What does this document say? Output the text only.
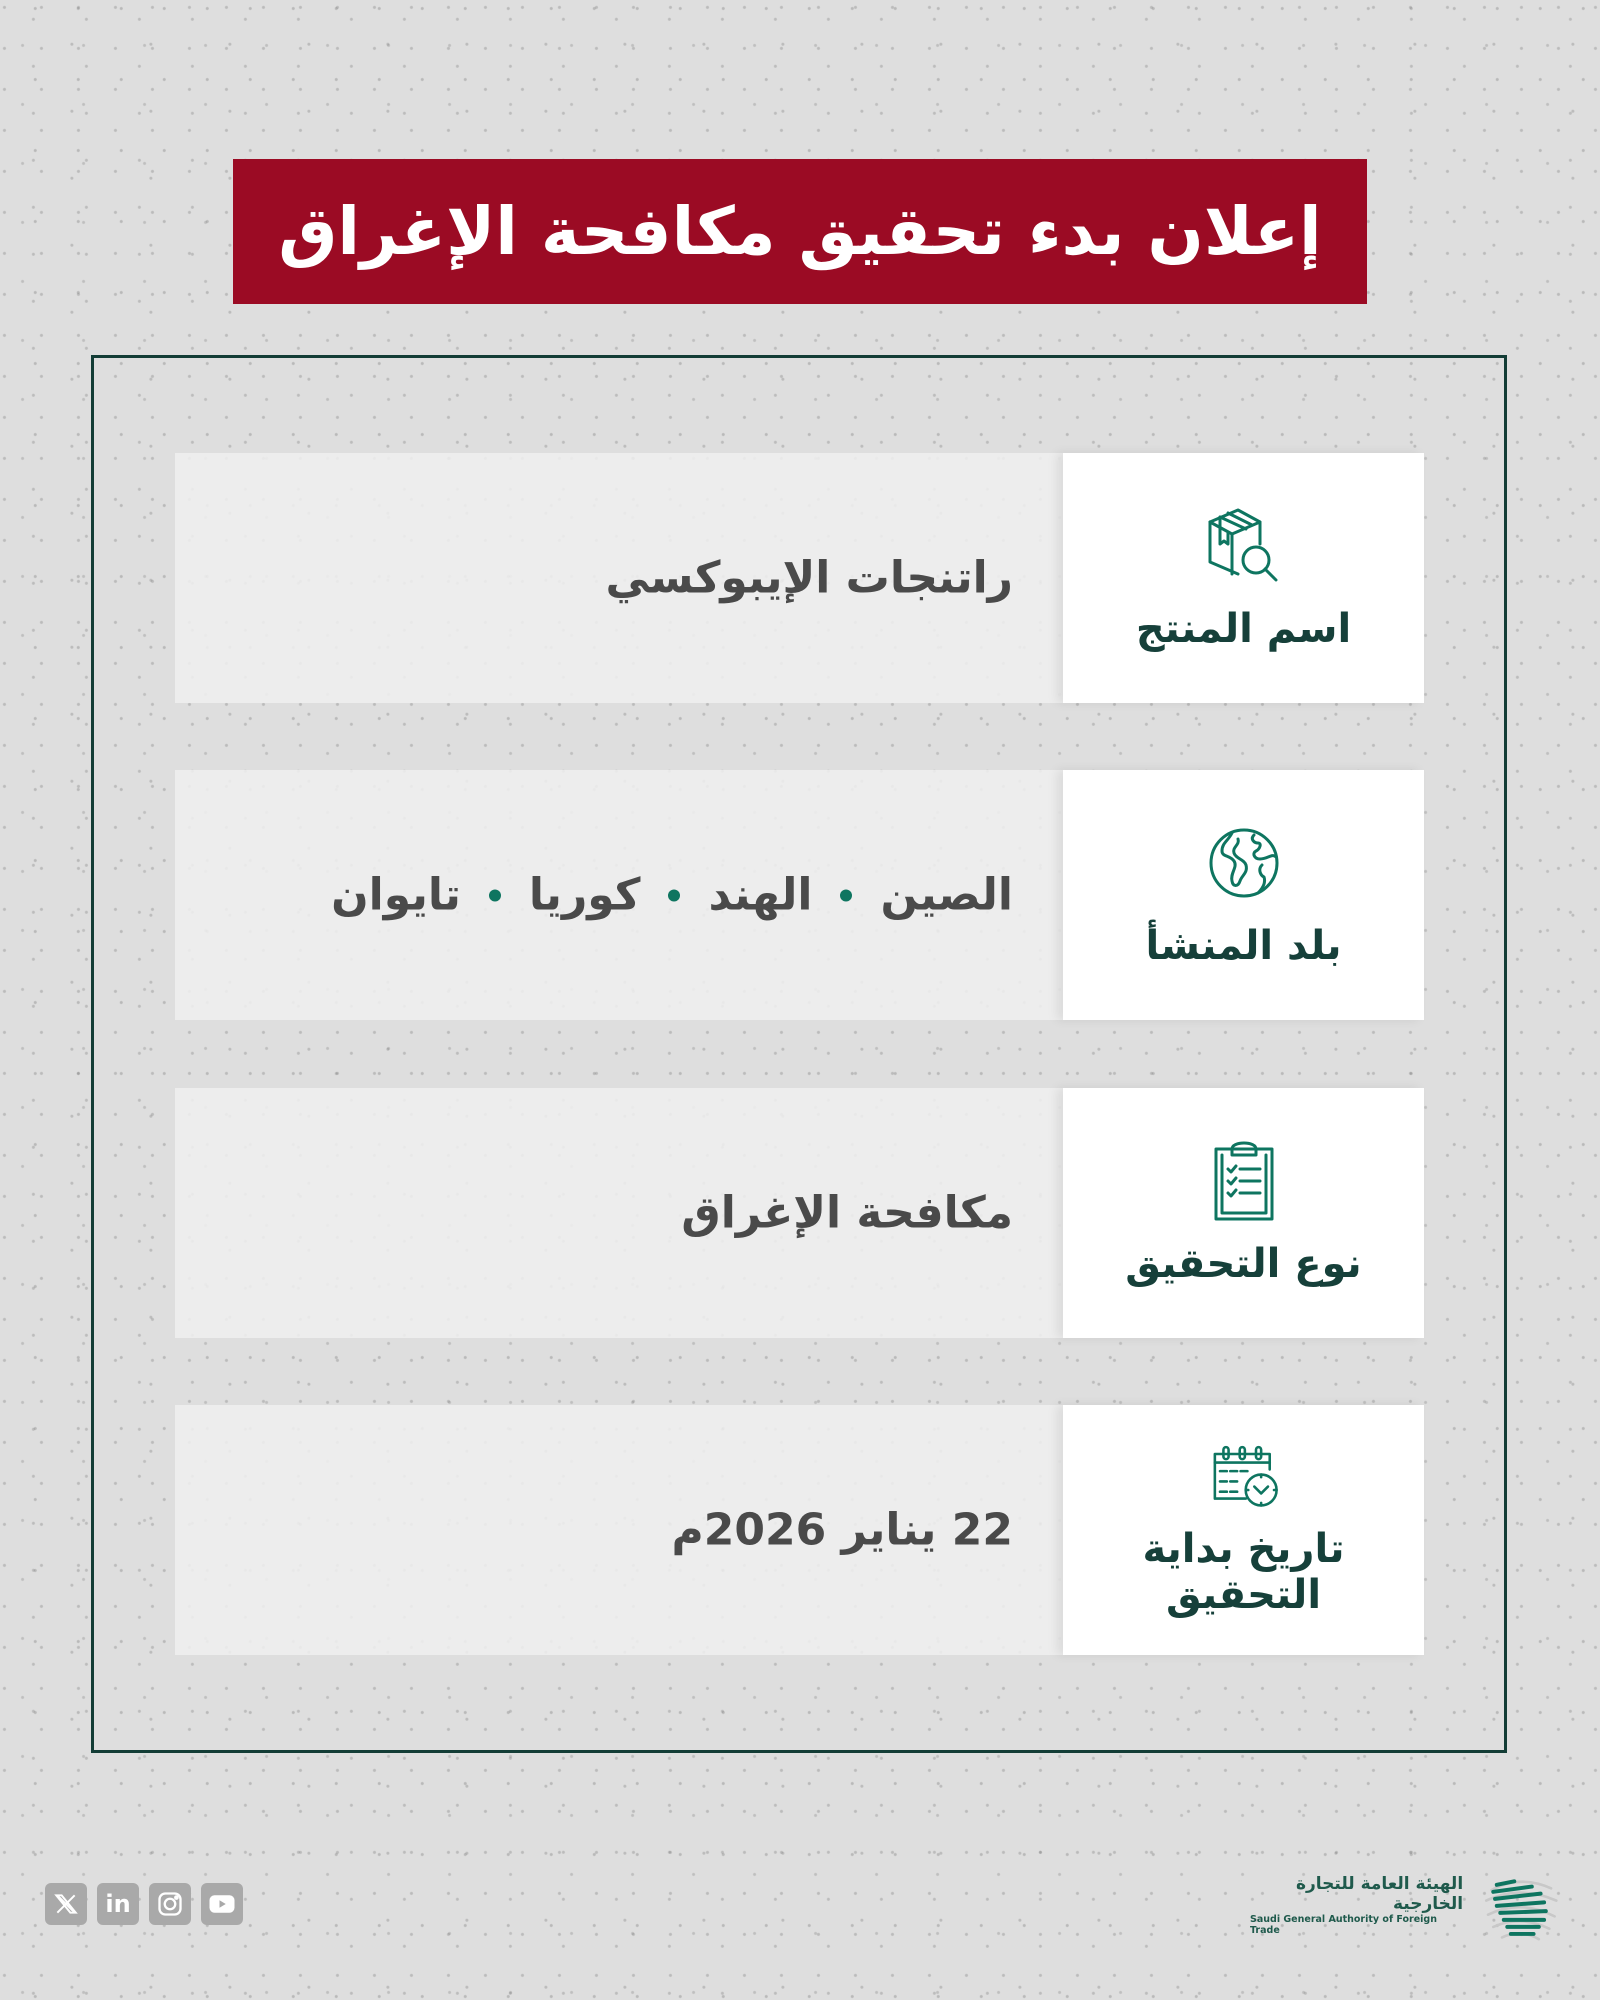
إعلان بدء تحقيق مكافحة الإغراق
راتنجات الإيبوكسي
اسم المنتج
الصين
الهند
كوريا
تايوان
بلد المنشأ
مكافحة الإغراق
نوع التحقيق
22 يناير 2026م	تاريخ بداية
التحقيق
in
الهيئة العامة للتجارة الخارجية
Saudi General Authority of Foreign Trade
